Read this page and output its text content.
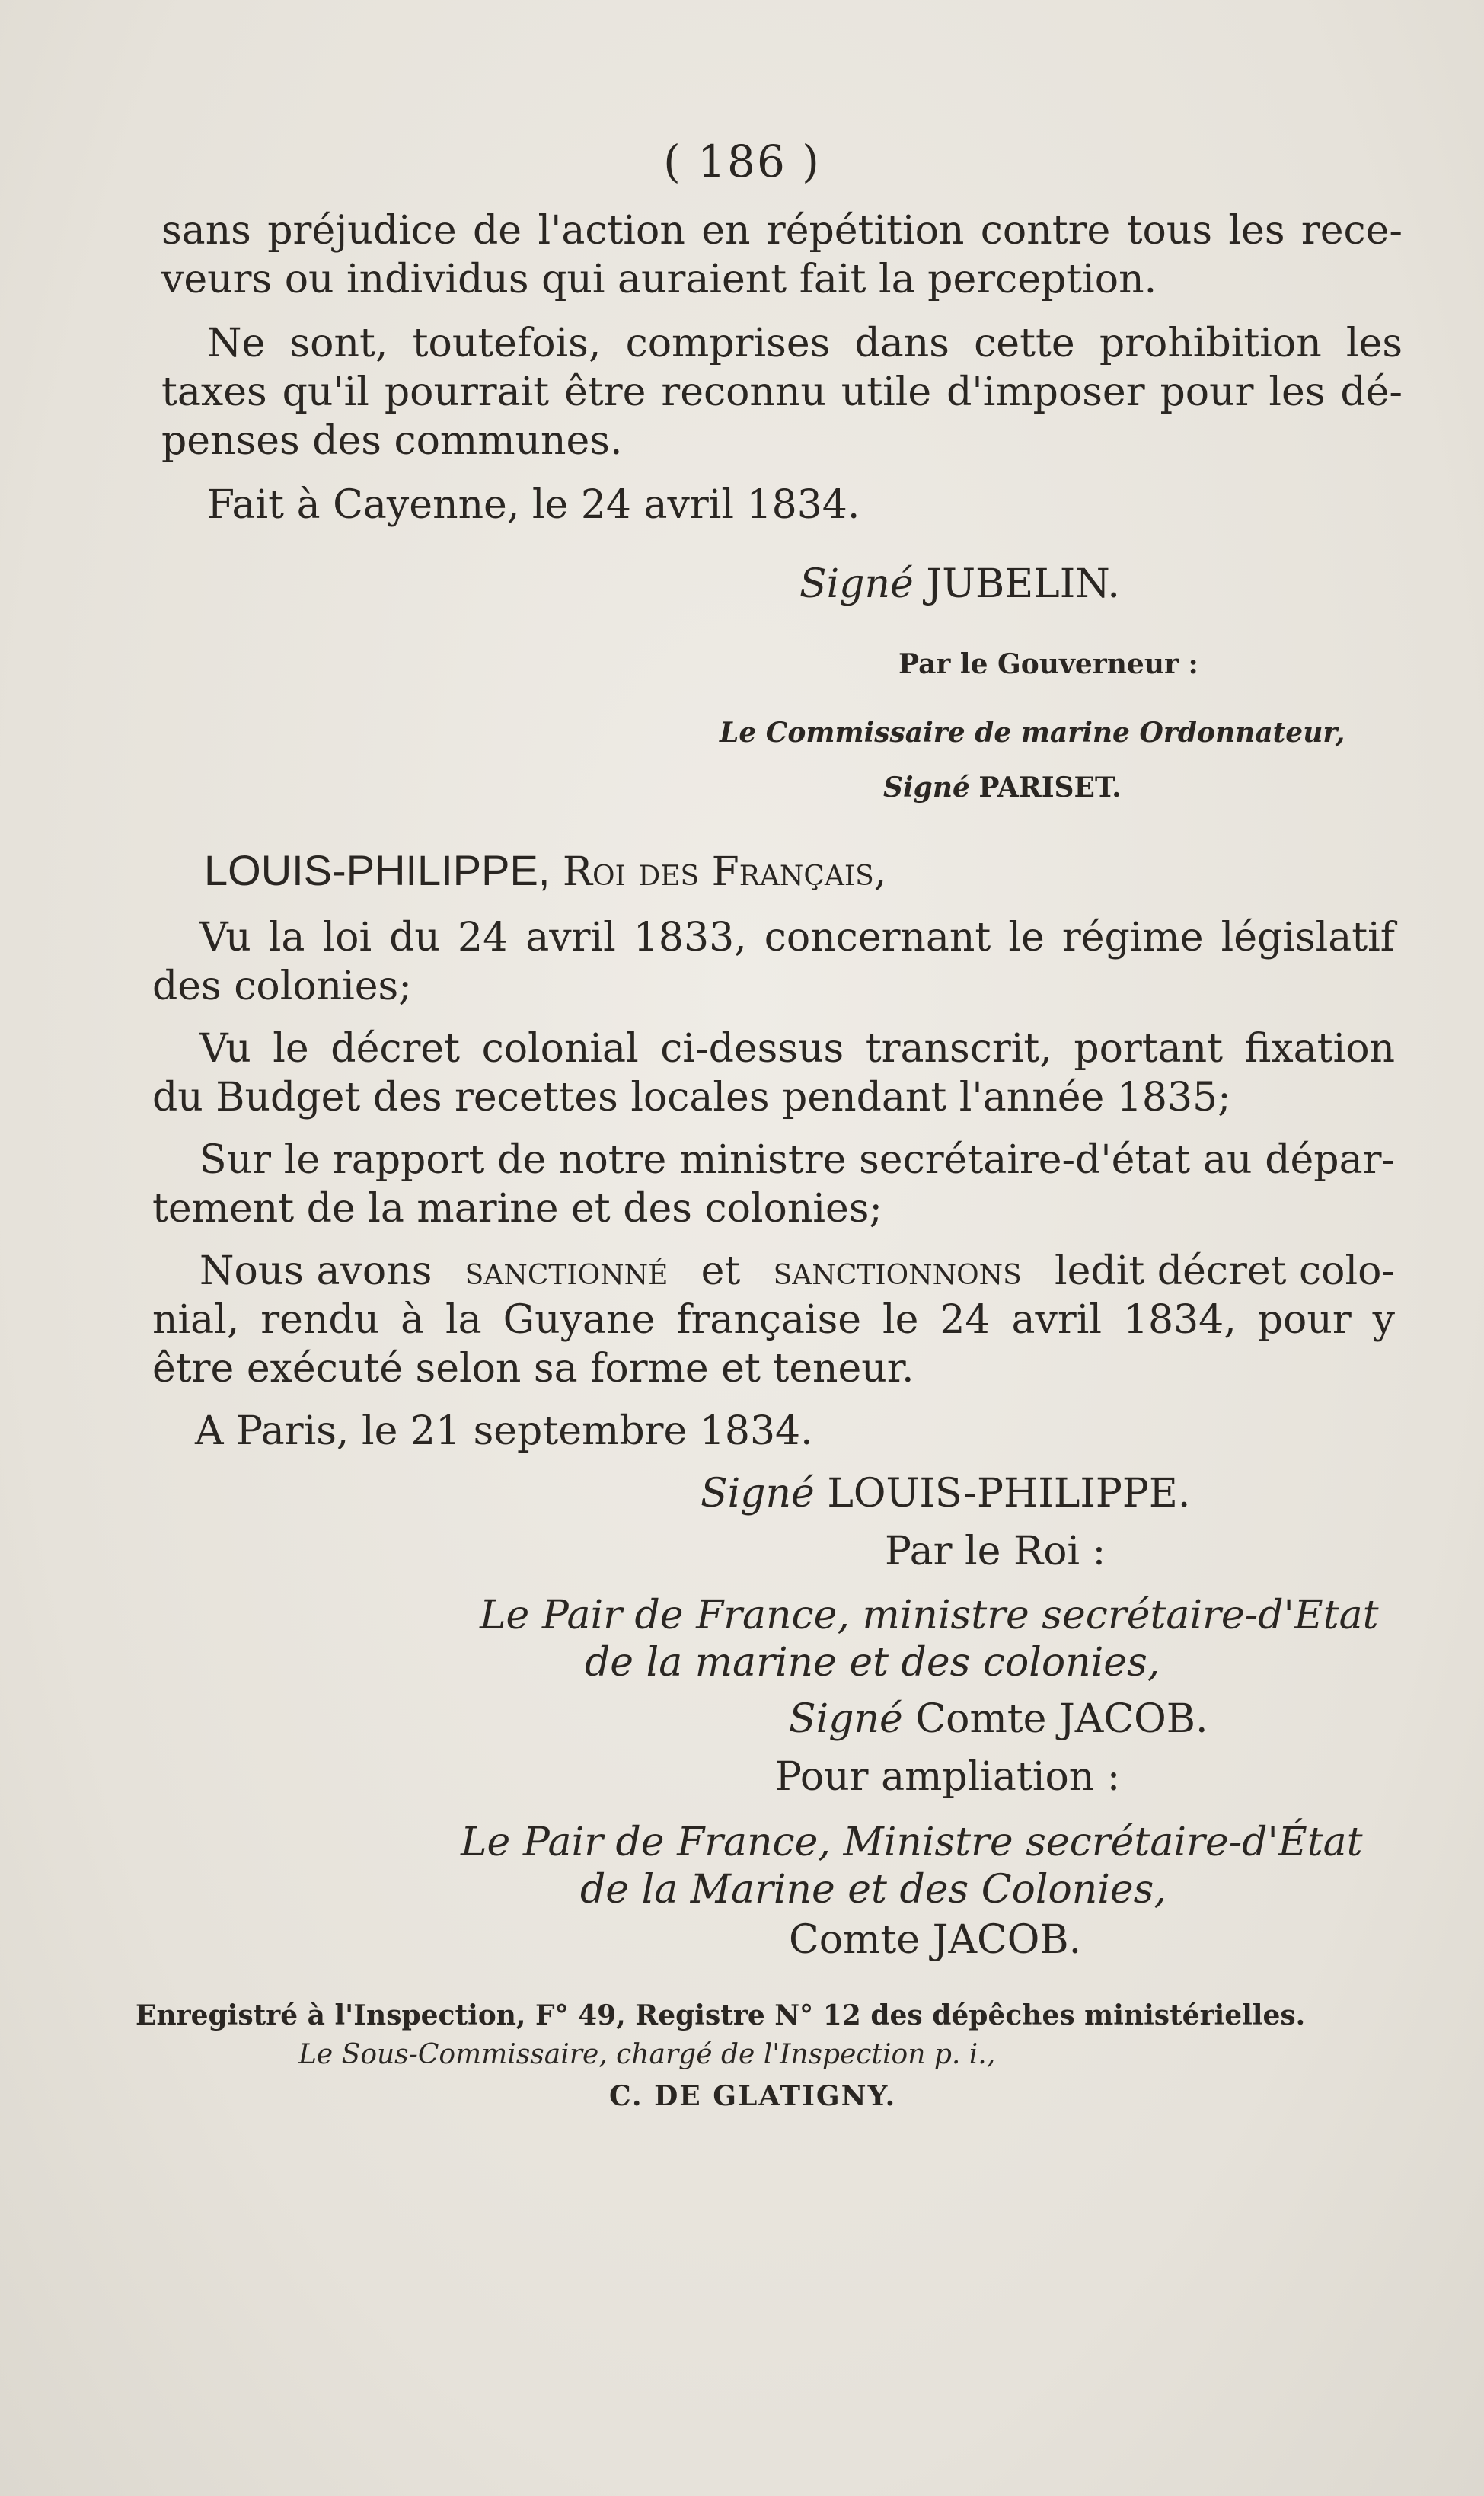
( 186 )
sans préjudice de l'action en répétition contre tous les rece-
veurs ou individus qui auraient fait la perception.
Ne sont, toutefois, comprises dans cette prohibition les
taxes qu'il pourrait être reconnu utile d'imposer pour les dé-
penses des communes.
Fait à Cayenne, le 24 avril 1834.
Signé JUBELIN.
Par le Gouverneur :
Le Commissaire de marine Ordonnateur,
Signé PARISET.
LOUIS-PHILIPPE, Roi des Français,
Vu la loi du 24 avril 1833, concernant le régime législatif
des colonies;
Vu le décret colonial ci-dessus transcrit, portant fixation
du Budget des recettes locales pendant l'année 1835;
Sur le rapport de notre ministre secrétaire-d'état au dépar-
tement de la marine et des colonies;
Nous avons sanctionné et sanctionnons ledit décret colo-
nial, rendu à la Guyane française le 24 avril 1834, pour y
être exécuté selon sa forme et teneur.
A Paris, le 21 septembre 1834.
Signé LOUIS-PHILIPPE.
Par le Roi :
Le Pair de France, ministre secrétaire-d'Etat
de la marine et des colonies,
Signé Comte JACOB.
Pour ampliation :
Le Pair de France, Ministre secrétaire-d'État
de la Marine et des Colonies,
Comte JACOB.
Enregistré à l'Inspection, F° 49, Registre N° 12 des dépêches ministérielles.
Le Sous-Commissaire, chargé de l'Inspection p. i.,
C. DE GLATIGNY.
